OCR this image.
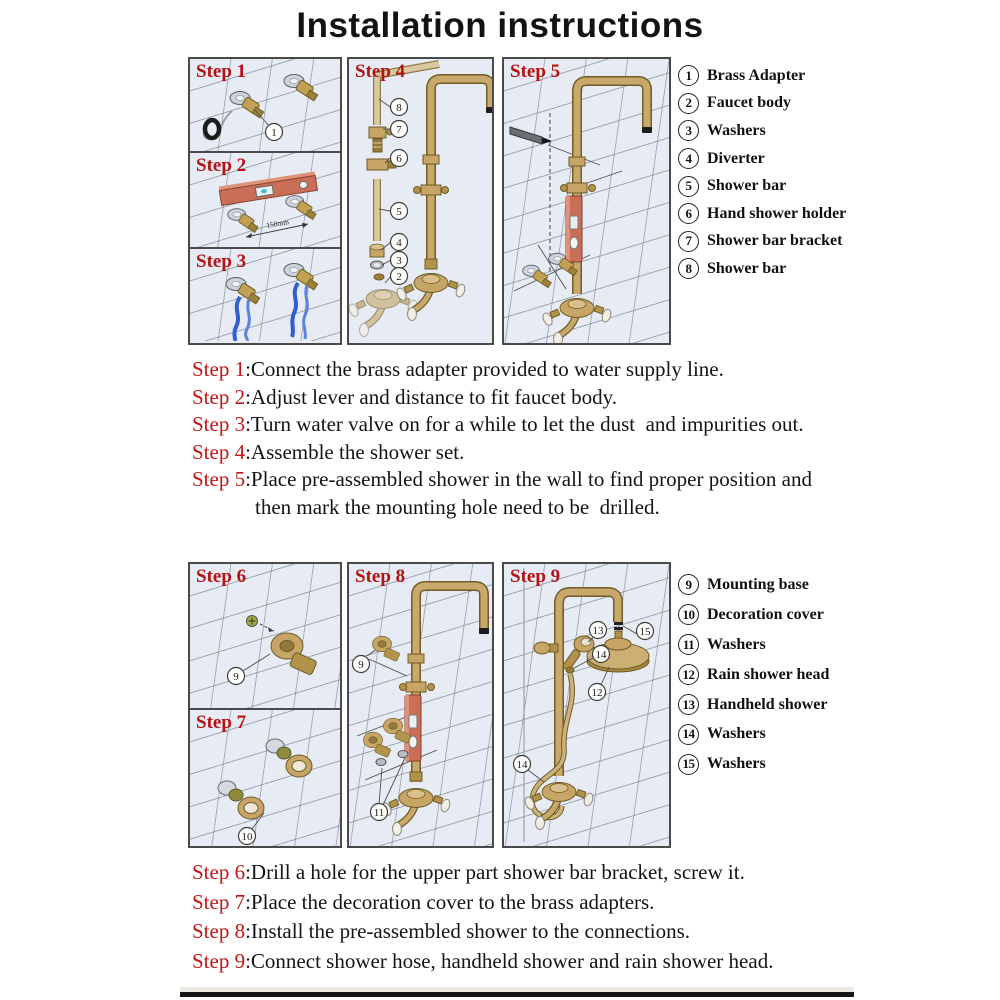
Installation instructions
Step 1
1
Step 2
150mm
Step 3
Step 4
8
7
6
5
4
3
2
Step 5	1 Brass Adapter
2 Faucet body
3 Washers
4 Diverter
5 Shower bar
6 Hand shower holder
7 Shower bar bracket
8 Shower bar
Step 1:Connect the brass adapter provided to water supply line.
Step 2:Adjust lever and distance to fit faucet body.
Step 3:Turn water valve on for a while to let the dust  and impurities out.
Step 4:Assemble the shower set.
Step 5:Place pre-assembled shower in the wall to find proper position and
then mark the mounting hole need to be  drilled.
Step 6
9
Step 7
10
Step 8
9
11
Step 9
13	15
14
12
14
9 Mounting base
10 Decoration cover
11 Washers
12 Rain shower head
13 Handheld shower
14 Washers
15 Washers
Step 6:Drill a hole for the upper part shower bar bracket, screw it.
Step 7:Place the decoration cover to the brass adapters.
Step 8:Install the pre-assembled shower to the connections.
Step 9:Connect shower hose, handheld shower and rain shower head.
